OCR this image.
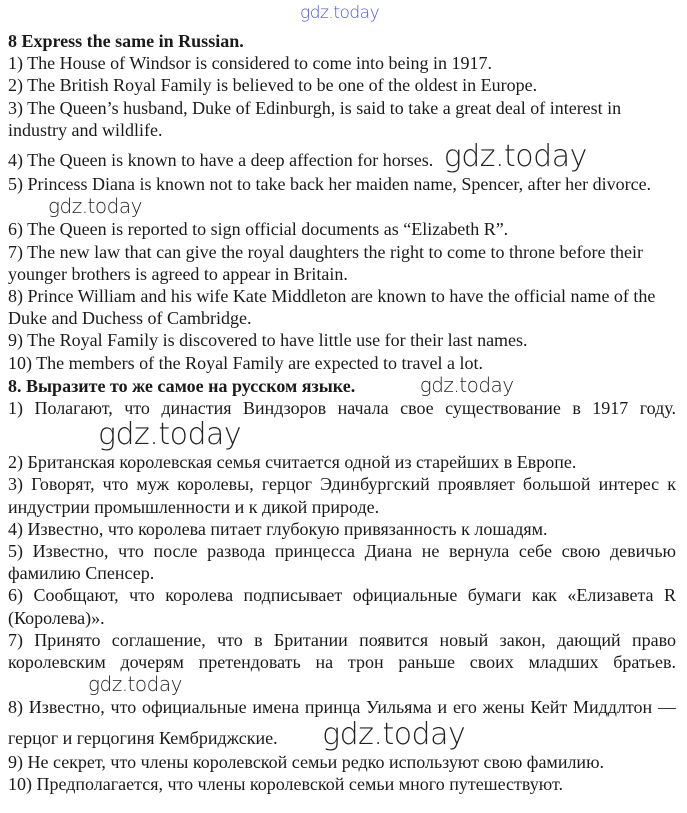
gdz.today

8 Express the same in Russian.

1) The House of Windsor is considered to come into being in 1917.

2) The British Royal Family is believed to be one of the oldest in Europe.

3) The Queen’s husband, Duke of Edinburgh, is said to take a great deal of interest in industry and wildlife.

4) The Queen is known to have a deep affection for horses. gdz.today

5) Princess Diana is known not to take back her maiden name, Spencer, after her divorce. gdz.today

6) The Queen is reported to sign official documents as “Elizabeth R”.

7) The new law that can give the royal daughters the right to come to throne before their younger brothers is agreed to appear in Britain.

8) Prince William and his wife Kate Middleton are known to have the official name of the Duke and Duchess of Cambridge.

9) The Royal Family is discovered to have little use for their last names.

10) The members of the Royal Family are expected to travel a lot.

8. Выразите то же самое на русском языке.	gdz.today

1) Полагают, что династия Виндзоров начала свое существование в 1917 году. gdz.today

2) Британская королевская семья считается одной из старейших в Европе.

3) Говорят, что муж королевы, герцог Эдинбургский проявляет большой интерес к индустрии промышленности и к дикой природе.

4) Известно, что королева питает глубокую привязанность к лошадям.

5) Известно, что после развода принцесса Диана не вернула себе свою девичью фамилию Спенсер.

6) Сообщают, что королева подписывает официальные бумаги как «Елизавета R (Королева)».

7) Принято соглашение, что в Британии появится новый закон, дающий право королевским дочерям претендовать на трон раньше своих младших братьев. gdz.today

8) Известно, что официальные имена принца Уильяма и его жены Кейт Миддлтон — герцог и герцогиня Кембриджские. gdz.today

9) Не секрет, что члены королевской семьи редко используют свою фамилию.

10) Предполагается, что члены королевской семьи много путешествуют.
